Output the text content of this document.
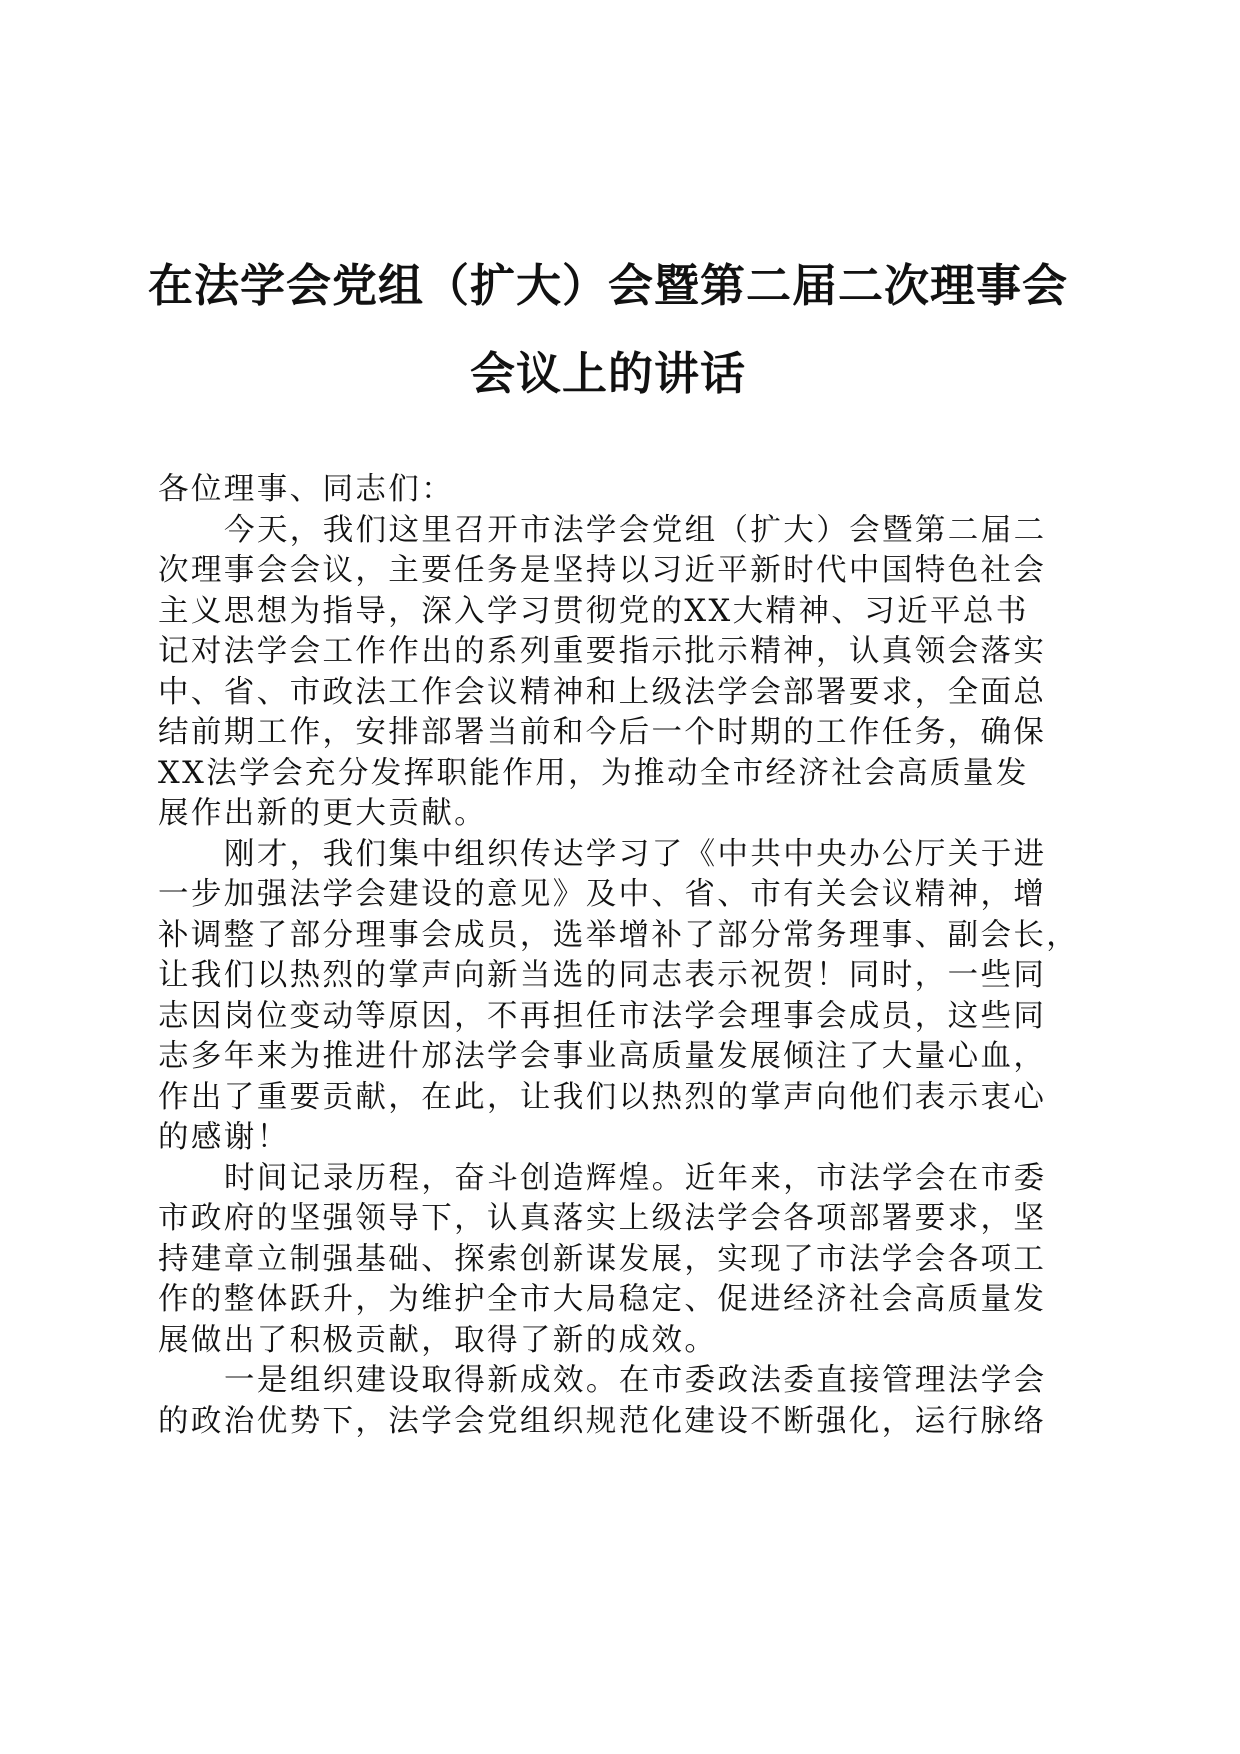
在法学会党组（扩大）会暨第二届二次理事会
会议上的讲话
各位理事、同志们：
今天，我们这里召开市法学会党组（扩大）会暨第二届二
次理事会会议，主要任务是坚持以习近平新时代中国特色社会
主义思想为指导，深入学习贯彻党的XX大精神、习近平总书
记对法学会工作作出的系列重要指示批示精神，认真领会落实
中、省、市政法工作会议精神和上级法学会部署要求，全面总
结前期工作，安排部署当前和今后一个时期的工作任务，确保
XX法学会充分发挥职能作用，为推动全市经济社会高质量发
展作出新的更大贡献。
刚才，我们集中组织传达学习了《中共中央办公厅关于进
一步加强法学会建设的意见》及中、省、市有关会议精神，增
补调整了部分理事会成员，选举增补了部分常务理事、副会长，
让我们以热烈的掌声向新当选的同志表示祝贺！同时，一些同
志因岗位变动等原因，不再担任市法学会理事会成员，这些同
志多年来为推进什邡法学会事业高质量发展倾注了大量心血，
作出了重要贡献，在此，让我们以热烈的掌声向他们表示衷心
的感谢！
时间记录历程，奋斗创造辉煌。近年来，市法学会在市委
市政府的坚强领导下，认真落实上级法学会各项部署要求，坚
持建章立制强基础、探索创新谋发展，实现了市法学会各项工
作的整体跃升，为维护全市大局稳定、促进经济社会高质量发
展做出了积极贡献，取得了新的成效。
一是组织建设取得新成效。在市委政法委直接管理法学会
的政治优势下，法学会党组织规范化建设不断强化，运行脉络
